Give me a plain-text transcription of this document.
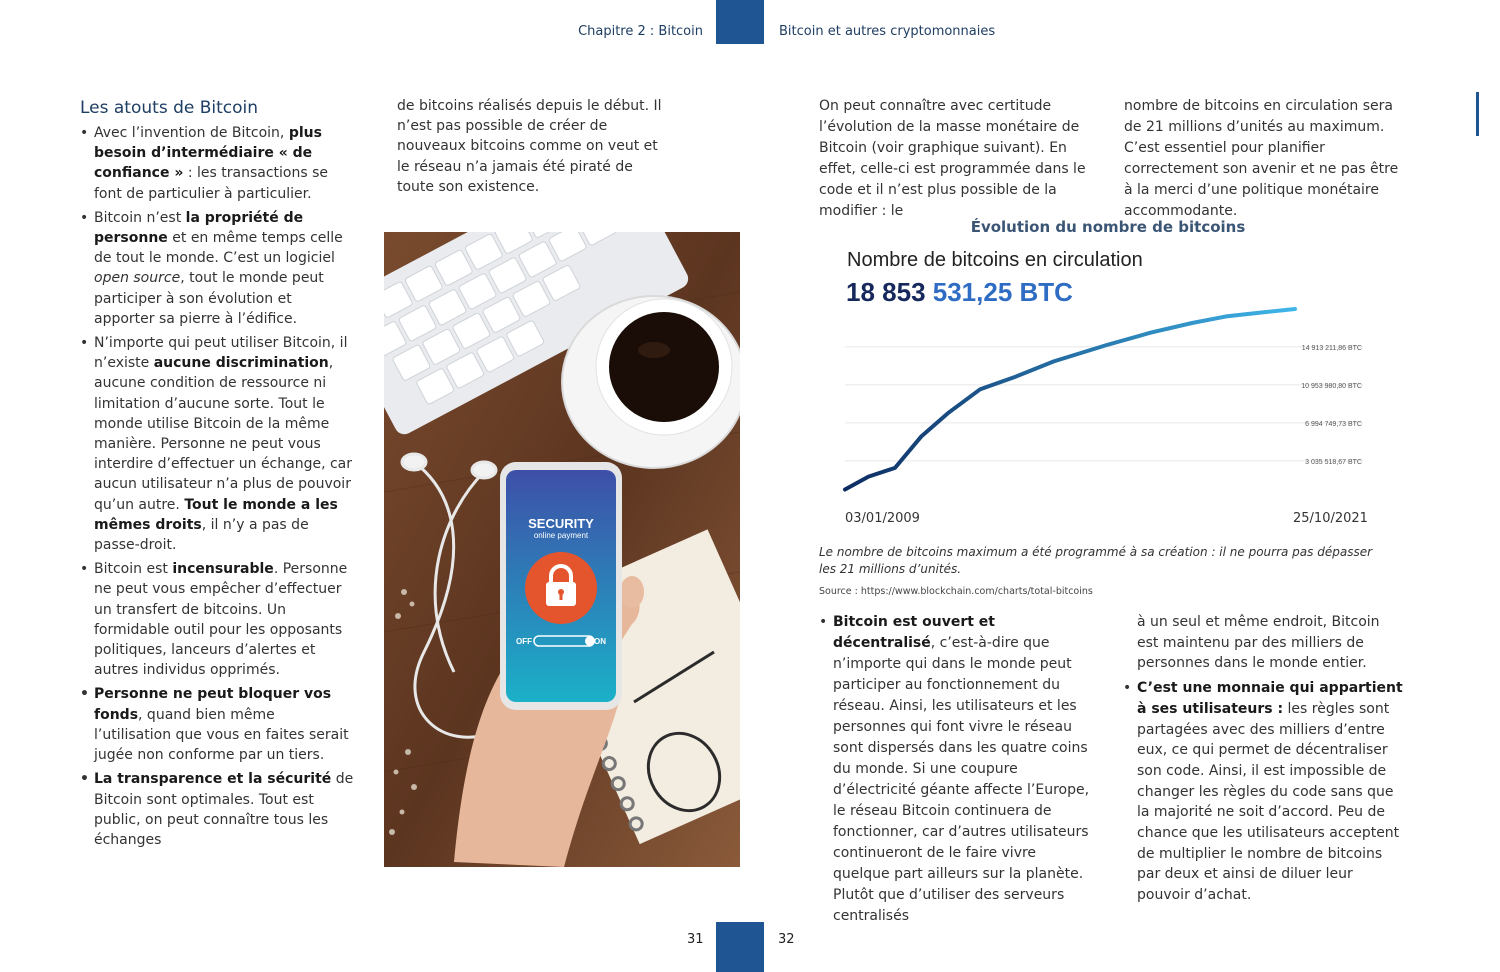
Chapitre 2 : Bitcoin	Bitcoin et autres cryptomonnaies
Les atouts de Bitcoin
• Avec l’invention de Bitcoin, plus besoin d’intermédiaire « de confiance » : les transactions se font de particulier à particulier.
• Bitcoin n’est la propriété de personne et en même temps celle de tout le monde. C’est un logiciel open source, tout le monde peut participer à son évolution et apporter sa pierre à l’édifice.
• N’importe qui peut utiliser Bitcoin, il n’existe aucune discrimination, aucune condition de ressource ni limitation d’aucune sorte. Tout le monde utilise Bitcoin de la même manière. Personne ne peut vous interdire d’effectuer un échange, car aucun utilisateur n’a plus de pouvoir qu’un autre. Tout le monde a les mêmes droits, il n’y a pas de passe-droit.
• Bitcoin est incensurable. Personne ne peut vous empêcher d’effectuer un transfert de bitcoins. Un formidable outil pour les opposants politiques, lanceurs d’alertes et autres individus opprimés.
• Personne ne peut bloquer vos fonds, quand bien même l’utilisation que vous en faites serait jugée non conforme par un tiers.
• La transparence et la sécurité de Bitcoin sont optimales. Tout est public, on peut connaître tous les échanges
de bitcoins réalisés depuis le début. Il n’est pas possible de créer de nouveaux bitcoins comme on veut et le réseau n’a jamais été piraté de toute son existence.
SECURITY
online payment
OFF	ON
31	32
On peut connaître avec certitude l’évolution de la masse monétaire de Bitcoin (voir graphique suivant). En effet, celle-ci est programmée dans le code et il n’est plus possible de la modifier : le
nombre de bitcoins en circulation sera de 21 millions d’unités au maximum. C’est essentiel pour planifier correctement son avenir et ne pas être à la merci d’une politique monétaire accommodante.
Évolution du nombre de bitcoins
Nombre de bitcoins en circulation
18 853 531,25 BTC
3 035 518,67 BTC
6 994 749,73 BTC
10 953 980,80 BTC
14 913 211,86 BTC
03/01/2009	25/10/2021
Le nombre de bitcoins maximum a été programmé à sa création : il ne pourra pas dépasser les 21 millions d’unités.
Source : https://www.blockchain.com/charts/total-bitcoins
• Bitcoin est ouvert et décentralisé, c’est-à-dire que n’importe qui dans le monde peut participer au fonctionnement du réseau. Ainsi, les utilisateurs et les personnes qui font vivre le réseau sont dispersés dans les quatre coins du monde. Si une coupure d’électricité géante affecte l’Europe, le réseau Bitcoin continuera de fonctionner, car d’autres utilisateurs continueront de le faire vivre quelque part ailleurs sur la planète. Plutôt que d’utiliser des serveurs centralisés
à un seul et même endroit, Bitcoin est maintenu par des milliers de personnes dans le monde entier.
• C’est une monnaie qui appartient à ses utilisateurs : les règles sont partagées avec des milliers d’entre eux, ce qui permet de décentraliser son code. Ainsi, il est impossible de changer les règles du code sans que la majorité ne soit d’accord. Peu de chance que les utilisateurs acceptent de multiplier le nombre de bitcoins par deux et ainsi de diluer leur pouvoir d’achat.
